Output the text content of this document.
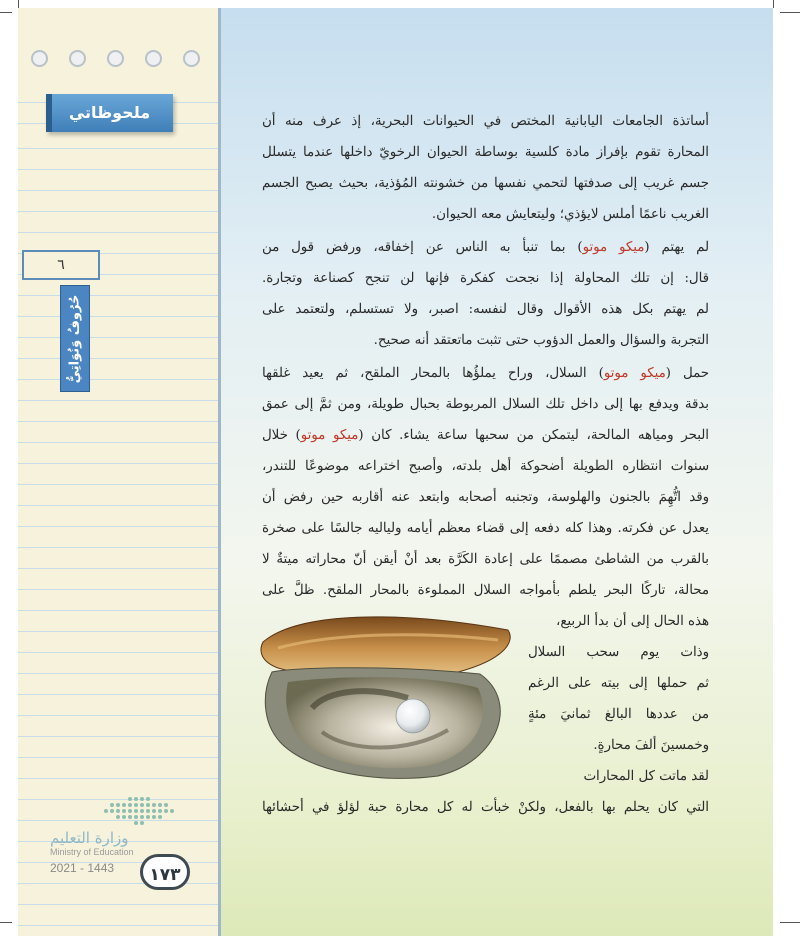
ملحوظاتي
٦
حُرُوفُ وَنُوَاتِيُّ
وزارة التعليم
Ministry of Education
2021 - 1443	١٧٣
أساتذة الجامعات اليابانية المختص في الحيوانات البحرية، إذ عرف منه أن
المحارة تقوم بإفراز مادة كلسية بوساطة الحيوان الرخويّ داخلها عندما يتسلل
جسم غريب إلى صدفتها لتحمي نفسها من خشونته المُؤذية، بحيث يصبح الجسم
الغريب ناعمًا أملس لايؤذي؛ وليتعايش معه الحيوان.
لم يهتم (ميكو موتو) بما تنبأ به الناس عن إخفاقه، ورفض قول من
قال: إن تلك المحاولة إذا نجحت كفكرة فإنها لن تنجح كصناعة وتجارة.
لم يهتم بكل هذه الأقوال وقال لنفسه: اصبر، ولا تستسلم، ولتعتمد على
التجربة والسؤال والعمل الدؤوب حتى تثبت ماتعتقد أنه صحيح.
حمل (ميكو موتو) السلال، وراح يملؤُها بالمحار الملقح، ثم يعيد غلقها
بدقة ويدفع بها إلى داخل تلك السلال المربوطة بحبال طويلة، ومن ثمَّ إلى عمق
البحر ومياهه المالحة، ليتمكن من سحبها ساعة يشاء. كان (ميكو موتو) خلال
سنوات انتظاره الطويلة أضحوكة أهل بلدته، وأصبح اختراعه موضوعًا للتندر،
وقد اتُّهِمَ بالجنون والهلوسة، وتجنبه أصحابه وابتعد عنه أقاربه حين رفض أن
يعدل عن فكرته. وهذا كله دفعه إلى قضاء معظم أيامه ولياليه جالسًا على صخرة
بالقرب من الشاطئ مصممًا على إعادة الكَرَّة بعد أنْ أيقن أنّ محاراته ميتةٌ لا
محالة، تاركًا البحر يلطم بأمواجه السلال المملوءة بالمحار الملقح. ظلَّ على
هذه الحال إلى أن بدأ الربيع،
وذات يوم سحب السلال
ثم حملها إلى بيته على الرغم
من عددها البالغ ثمانيَ مئةٍ
وخمسينَ ألفَ محارةٍ.
لقد ماتت كل المحارات
التي كان يحلم بها بالفعل، ولكنْ خبأت له كل محارة حبة لؤلؤ في أحشائها
